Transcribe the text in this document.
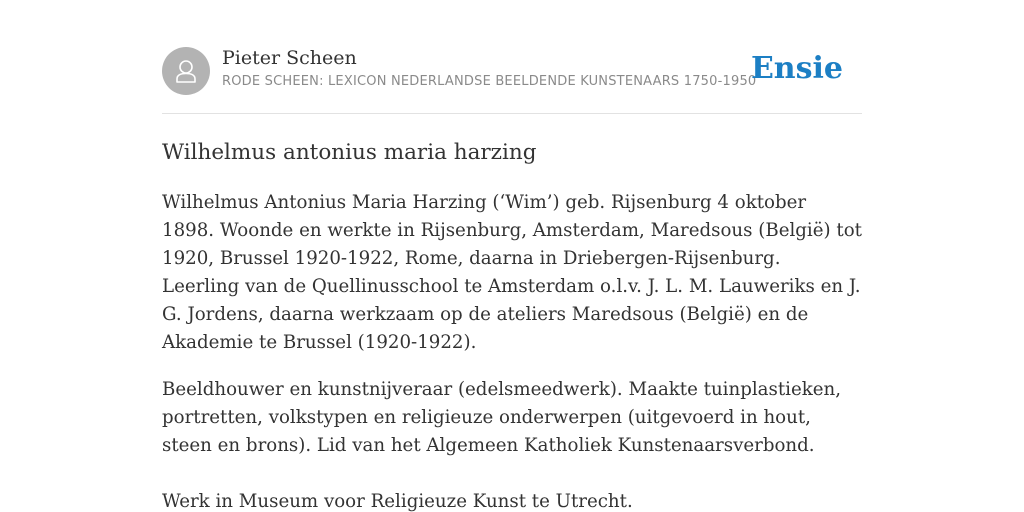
Pieter Scheen
RODE SCHEEN: LEXICON NEDERLANDSE BEELDENDE KUNSTENAARS 1750-1950
Ensie
Wilhelmus antonius maria harzing

Wilhelmus Antonius Maria Harzing (‘Wim’) geb. Rijsenburg 4 oktober 1898. Woonde en werkte in Rijsenburg, Amsterdam, Maredsous (België) tot 1920, Brussel 1920-1922, Rome, daarna in Driebergen-Rijsenburg. Leerling van de Quellinusschool te Amsterdam o.l.v. J. L. M. Lauweriks en J. G. Jordens, daarna werkzaam op de ateliers Maredsous (België) en de Akademie te Brussel (1920-1922).

Beeldhouwer en kunstnijveraar (edelsmeedwerk). Maakte tuinplastieken, portretten, volkstypen en religieuze onderwerpen (uitgevoerd in hout, steen en brons). Lid van het Algemeen Katholiek Kunstenaarsverbond.

Werk in Museum voor Religieuze Kunst te Utrecht.
